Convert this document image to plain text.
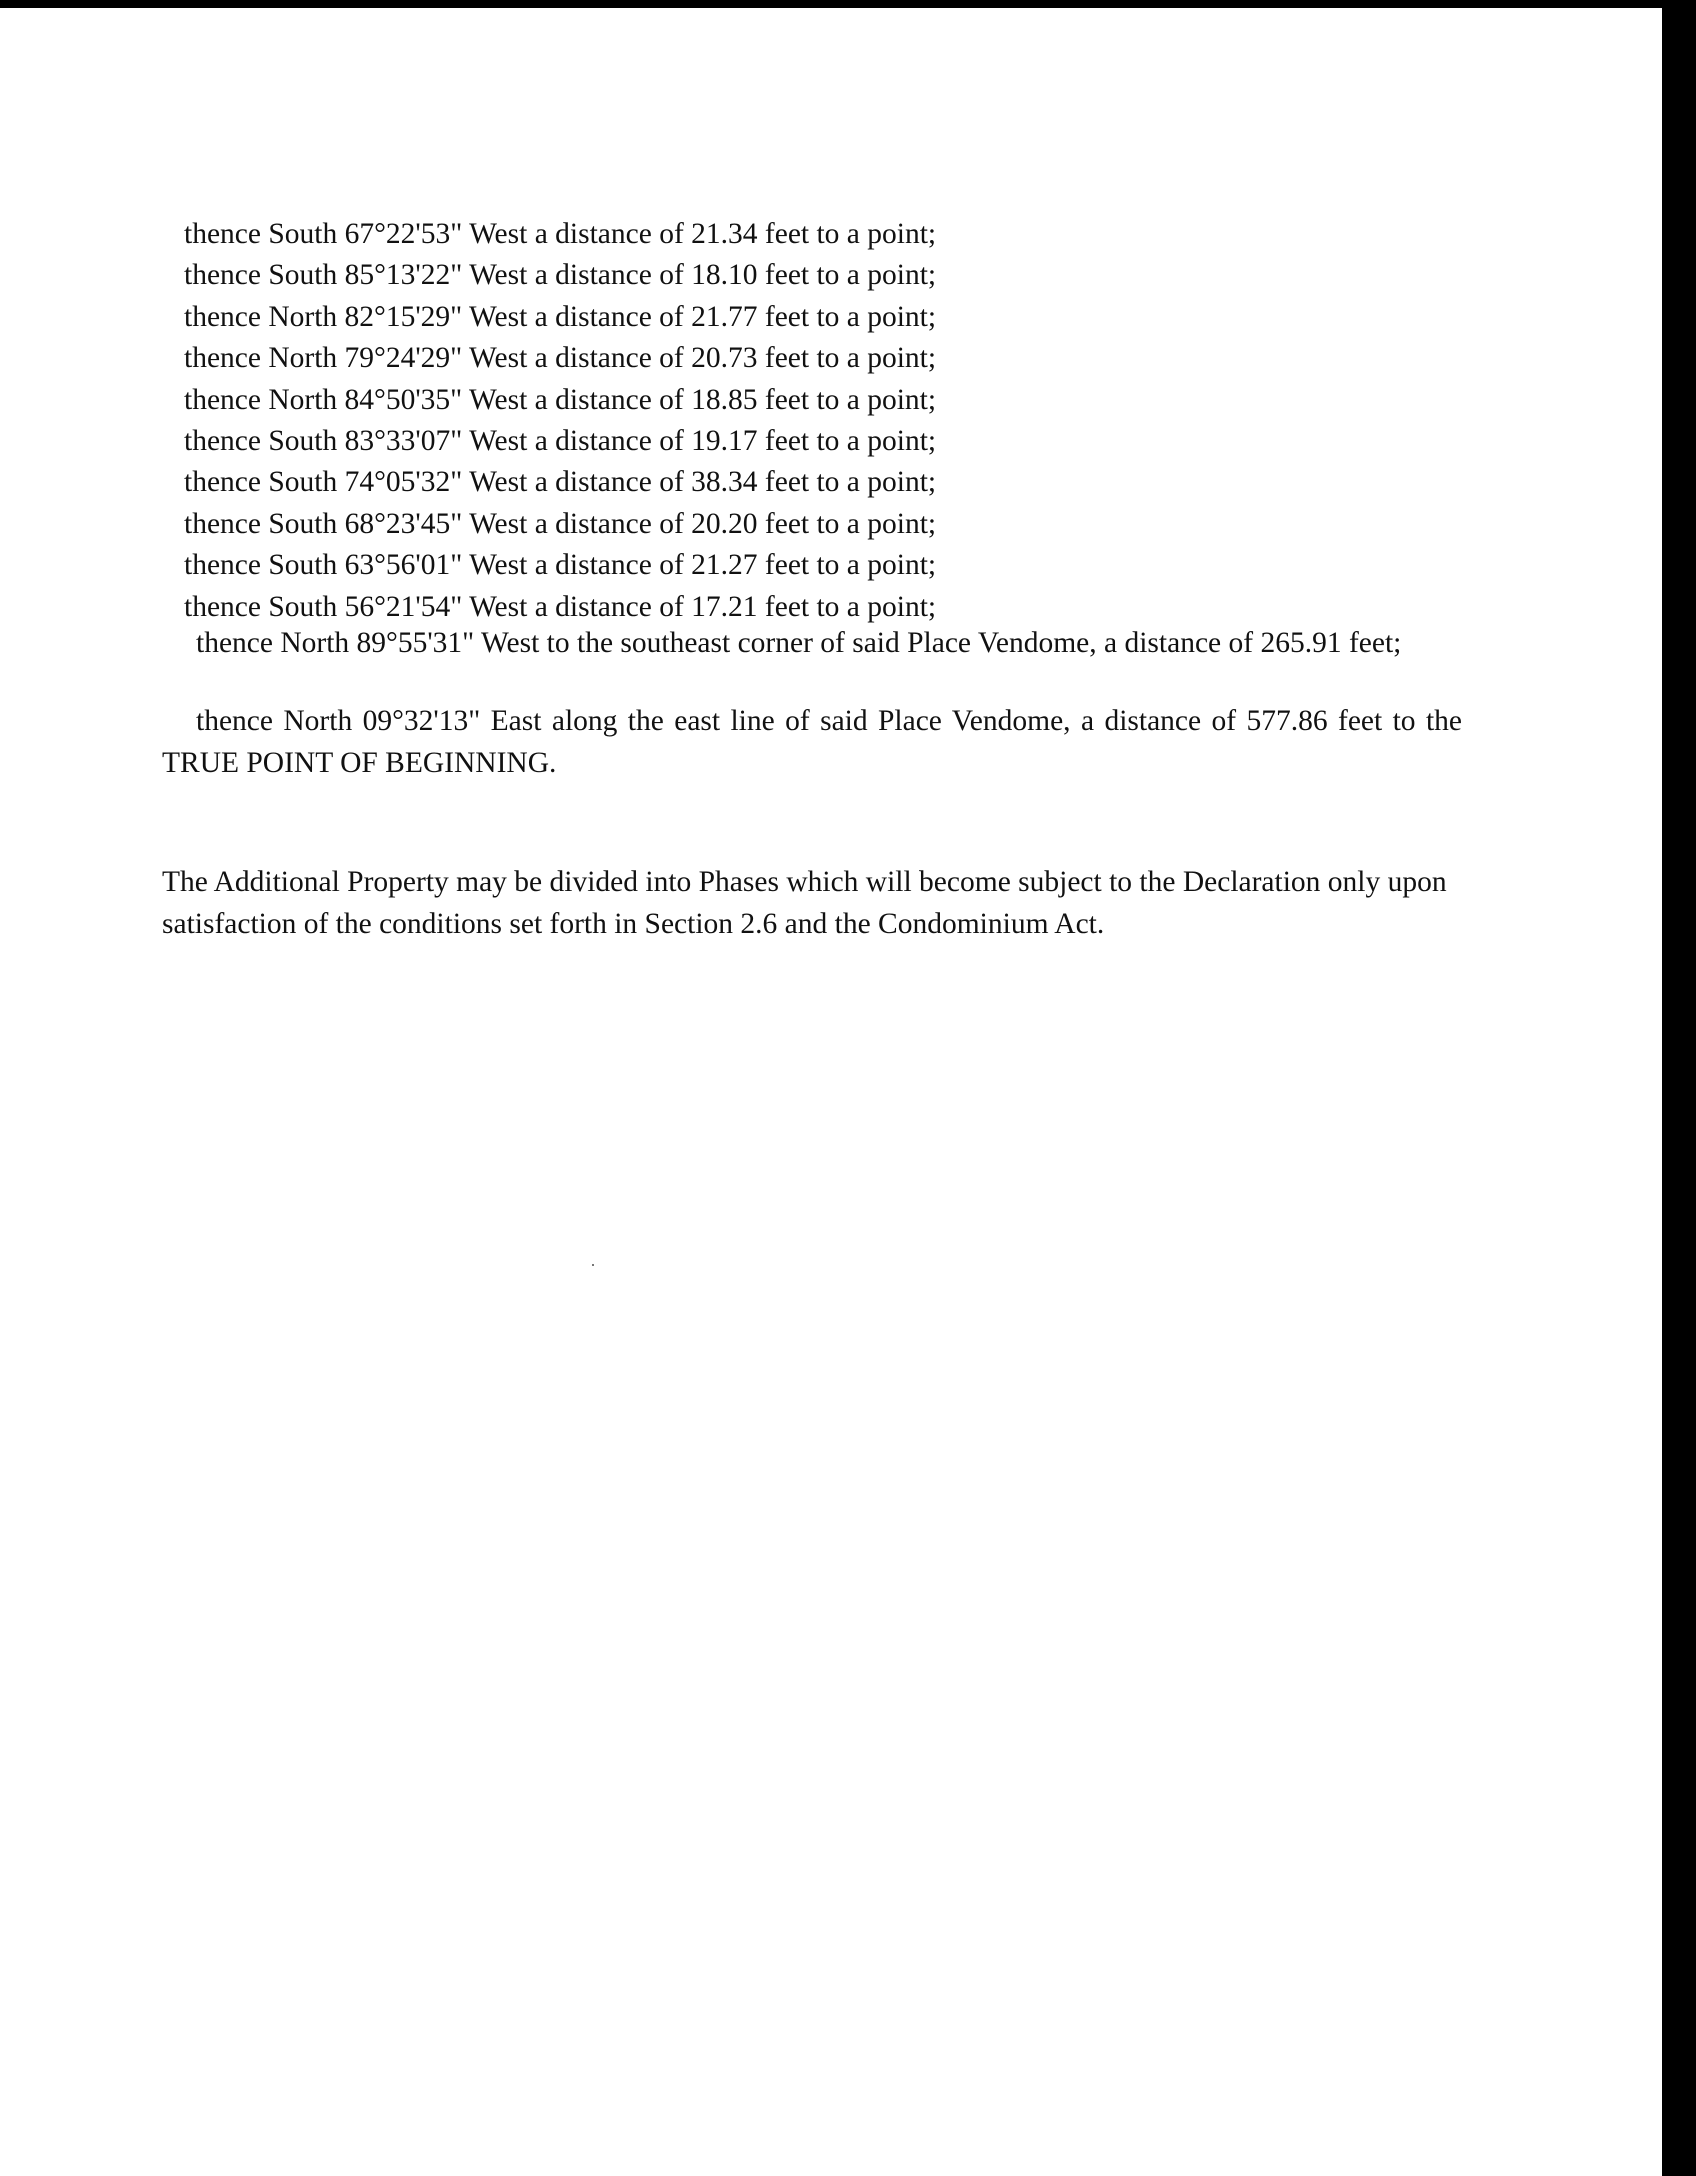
thence South 67°22'53" West a distance of 21.34 feet to a point;
thence South 85°13'22" West a distance of 18.10 feet to a point;
thence North 82°15'29" West a distance of 21.77 feet to a point;
thence North 79°24'29" West a distance of 20.73 feet to a point;
thence North 84°50'35" West a distance of 18.85 feet to a point;
thence South 83°33'07" West a distance of 19.17 feet to a point;
thence South 74°05'32" West a distance of 38.34 feet to a point;
thence South 68°23'45" West a distance of 20.20 feet to a point;
thence South 63°56'01" West a distance of 21.27 feet to a point;
thence South 56°21'54" West a distance of 17.21 feet to a point;

thence North 89°55'31" West to the southeast corner of said Place Vendome, a distance of 265.91 feet;

thence North 09°32'13" East along the east line of said Place Vendome, a distance of 577.86 feet to the TRUE POINT OF BEGINNING.

The Additional Property may be divided into Phases which will become subject to the Declaration only upon satisfaction of the conditions set forth in Section 2.6 and the Condominium Act.
